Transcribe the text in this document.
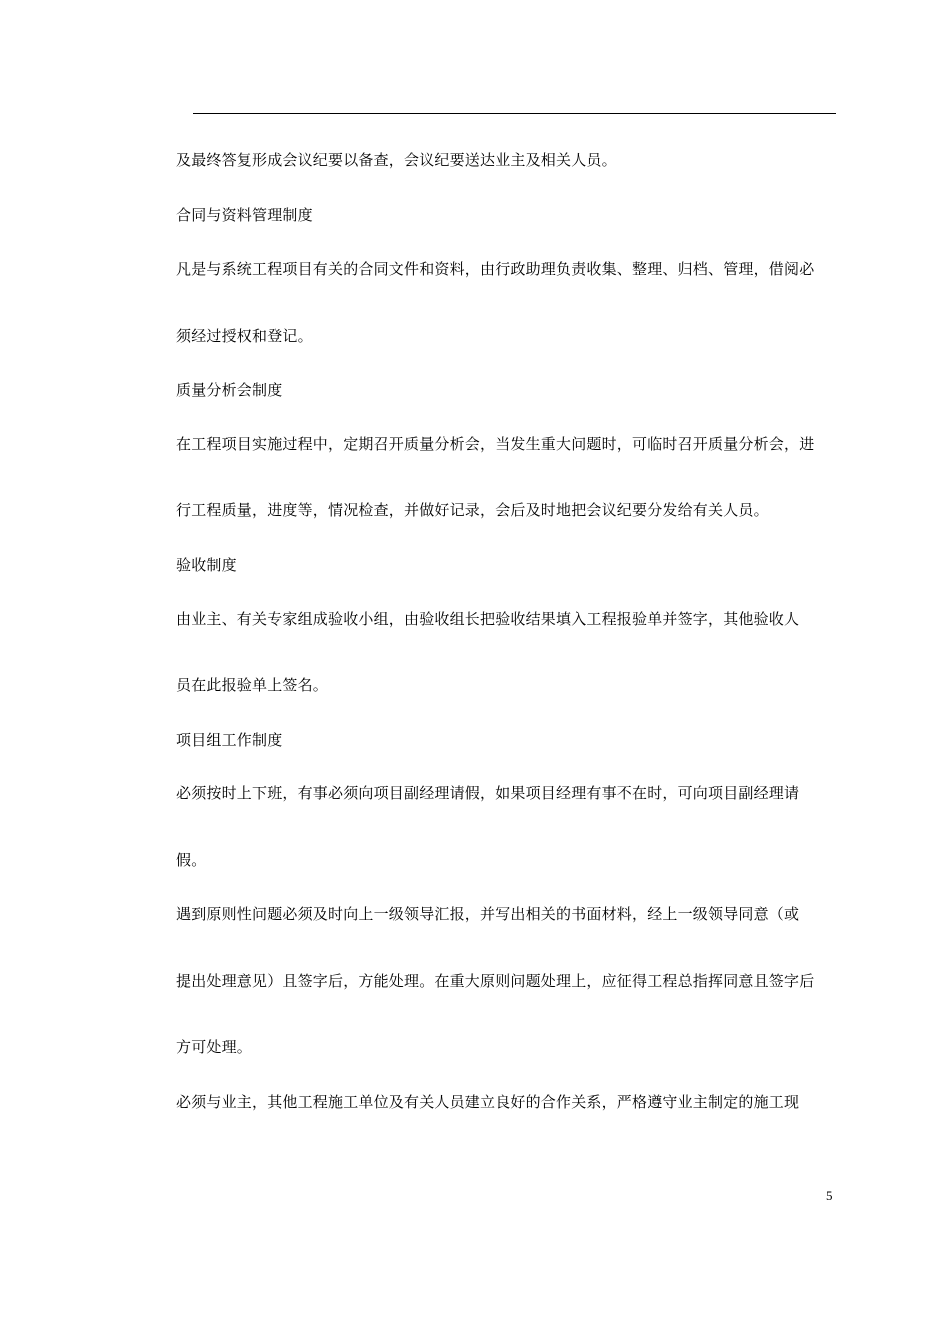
及最终答复形成会议纪要以备查，会议纪要送达业主及相关人员。
合同与资料管理制度
凡是与系统工程项目有关的合同文件和资料，由行政助理负责收集、整理、归档、管理，借阅必
须经过授权和登记。
质量分析会制度
在工程项目实施过程中，定期召开质量分析会，当发生重大问题时，可临时召开质量分析会，进
行工程质量，进度等，情况检查，并做好记录，会后及时地把会议纪要分发给有关人员。
验收制度
由业主、有关专家组成验收小组，由验收组长把验收结果填入工程报验单并签字，其他验收人
员在此报验单上签名。
项目组工作制度
必须按时上下班，有事必须向项目副经理请假，如果项目经理有事不在时，可向项目副经理请
假。
遇到原则性问题必须及时向上一级领导汇报，并写出相关的书面材料，经上一级领导同意（或
提出处理意见）且签字后，方能处理。在重大原则问题处理上，应征得工程总指挥同意且签字后
方可处理。
必须与业主，其他工程施工单位及有关人员建立良好的合作关系，严格遵守业主制定的施工现
5
